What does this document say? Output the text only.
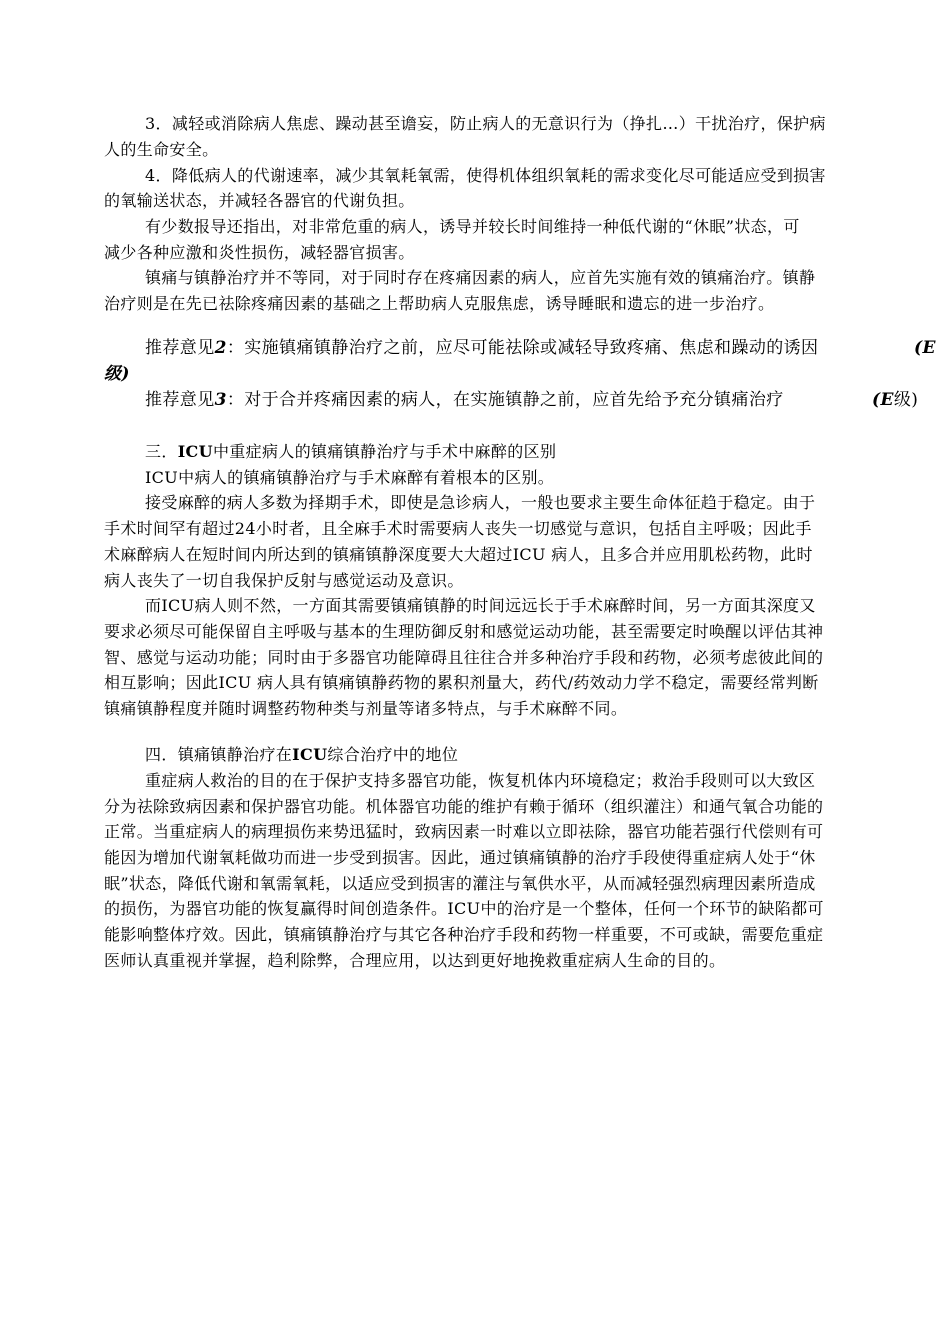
3．减轻或消除病人焦虑、躁动甚至谵妄，防止病人的无意识行为（挣扎…）干扰治疗，保护病
人的生命安全。
4．降低病人的代谢速率，减少其氧耗氧需，使得机体组织氧耗的需求变化尽可能适应受到损害
的氧输送状态，并减轻各器官的代谢负担。
有少数报导还指出，对非常危重的病人，诱导并较长时间维持一种低代谢的“休眠”状态，可
减少各种应激和炎性损伤，减轻器官损害。
镇痛与镇静治疗并不等同，对于同时存在疼痛因素的病人，应首先实施有效的镇痛治疗。镇静
治疗则是在先已祛除疼痛因素的基础之上帮助病人克服焦虑，诱导睡眠和遗忘的进一步治疗。
推荐意见2：实施镇痛镇静治疗之前，应尽可能祛除或减轻导致疼痛、焦虑和躁动的诱因	(E
级)
推荐意见3：对于合并疼痛因素的病人，在实施镇静之前，应首先给予充分镇痛治疗	(E级)
三．ICU中重症病人的镇痛镇静治疗与手术中麻醉的区别
ICU中病人的镇痛镇静治疗与手术麻醉有着根本的区别。
接受麻醉的病人多数为择期手术，即使是急诊病人，一般也要求主要生命体征趋于稳定。由于
手术时间罕有超过24小时者，且全麻手术时需要病人丧失一切感觉与意识，包括自主呼吸；因此手
术麻醉病人在短时间内所达到的镇痛镇静深度要大大超过ICU 病人，且多合并应用肌松药物，此时
病人丧失了一切自我保护反射与感觉运动及意识。
而ICU病人则不然，一方面其需要镇痛镇静的时间远远长于手术麻醉时间，另一方面其深度又
要求必须尽可能保留自主呼吸与基本的生理防御反射和感觉运动功能，甚至需要定时唤醒以评估其神
智、感觉与运动功能；同时由于多器官功能障碍且往往合并多种治疗手段和药物，必须考虑彼此间的
相互影响；因此ICU 病人具有镇痛镇静药物的累积剂量大，药代/药效动力学不稳定，需要经常判断
镇痛镇静程度并随时调整药物种类与剂量等诸多特点，与手术麻醉不同。
四．镇痛镇静治疗在ICU综合治疗中的地位
重症病人救治的目的在于保护支持多器官功能，恢复机体内环境稳定；救治手段则可以大致区
分为祛除致病因素和保护器官功能。机体器官功能的维护有赖于循环（组织灌注）和通气氧合功能的
正常。当重症病人的病理损伤来势迅猛时，致病因素一时难以立即祛除，器官功能若强行代偿则有可
能因为增加代谢氧耗做功而进一步受到损害。因此，通过镇痛镇静的治疗手段使得重症病人处于“休
眠”状态，降低代谢和氧需氧耗，以适应受到损害的灌注与氧供水平，从而减轻强烈病理因素所造成
的损伤，为器官功能的恢复赢得时间创造条件。ICU中的治疗是一个整体，任何一个环节的缺陷都可
能影响整体疗效。因此，镇痛镇静治疗与其它各种治疗手段和药物一样重要，不可或缺，需要危重症
医师认真重视并掌握，趋利除弊，合理应用，以达到更好地挽救重症病人生命的目的。
